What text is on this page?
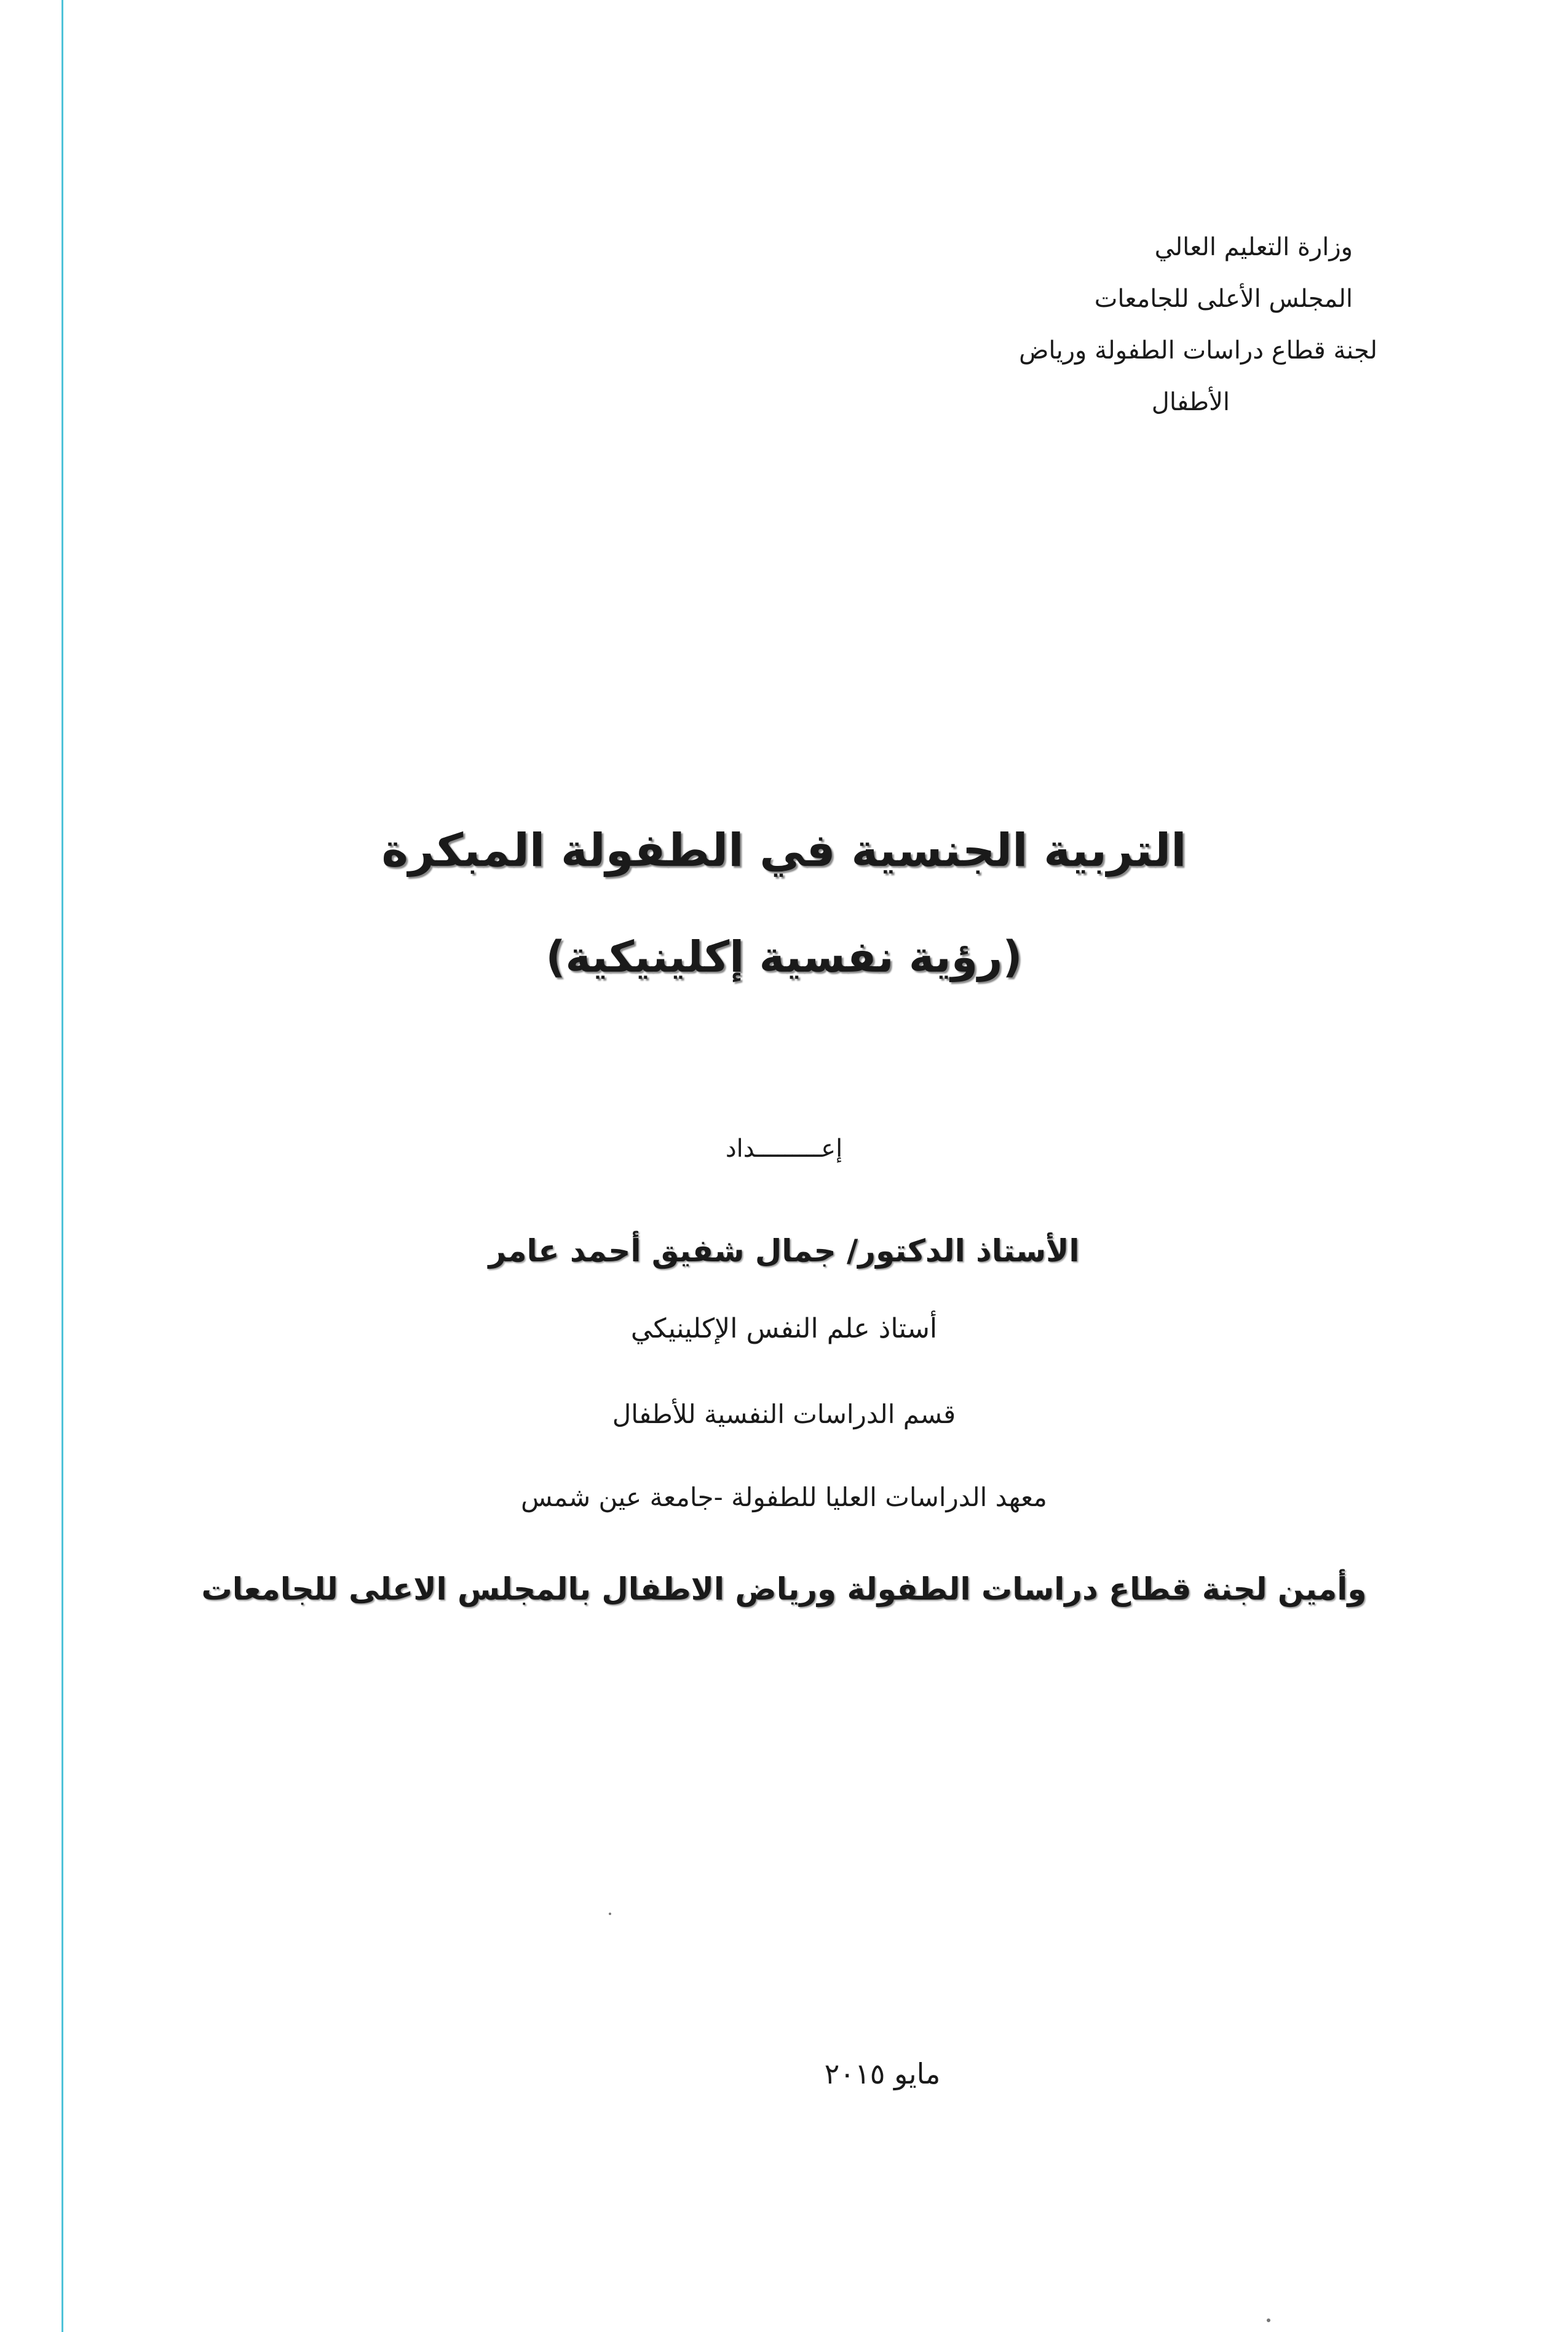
وزارة التعليم العالي
المجلس الأعلى للجامعات
لجنة قطاع دراسات الطفولة ورياض
الأطفال
التربية الجنسية في الطفولة المبكرة
(رؤية نفسية إكلينيكية)
إعـــــــــداد
الأستاذ الدكتور/ جمال شفيق أحمد عامر
أستاذ علم النفس الإكلينيكي
قسم الدراسات النفسية للأطفال
معهد الدراسات العليا للطفولة -جامعة عين شمس
وأمين لجنة قطاع دراسات الطفولة ورياض الاطفال بالمجلس الاعلى للجامعات
مايو ٢٠١٥
